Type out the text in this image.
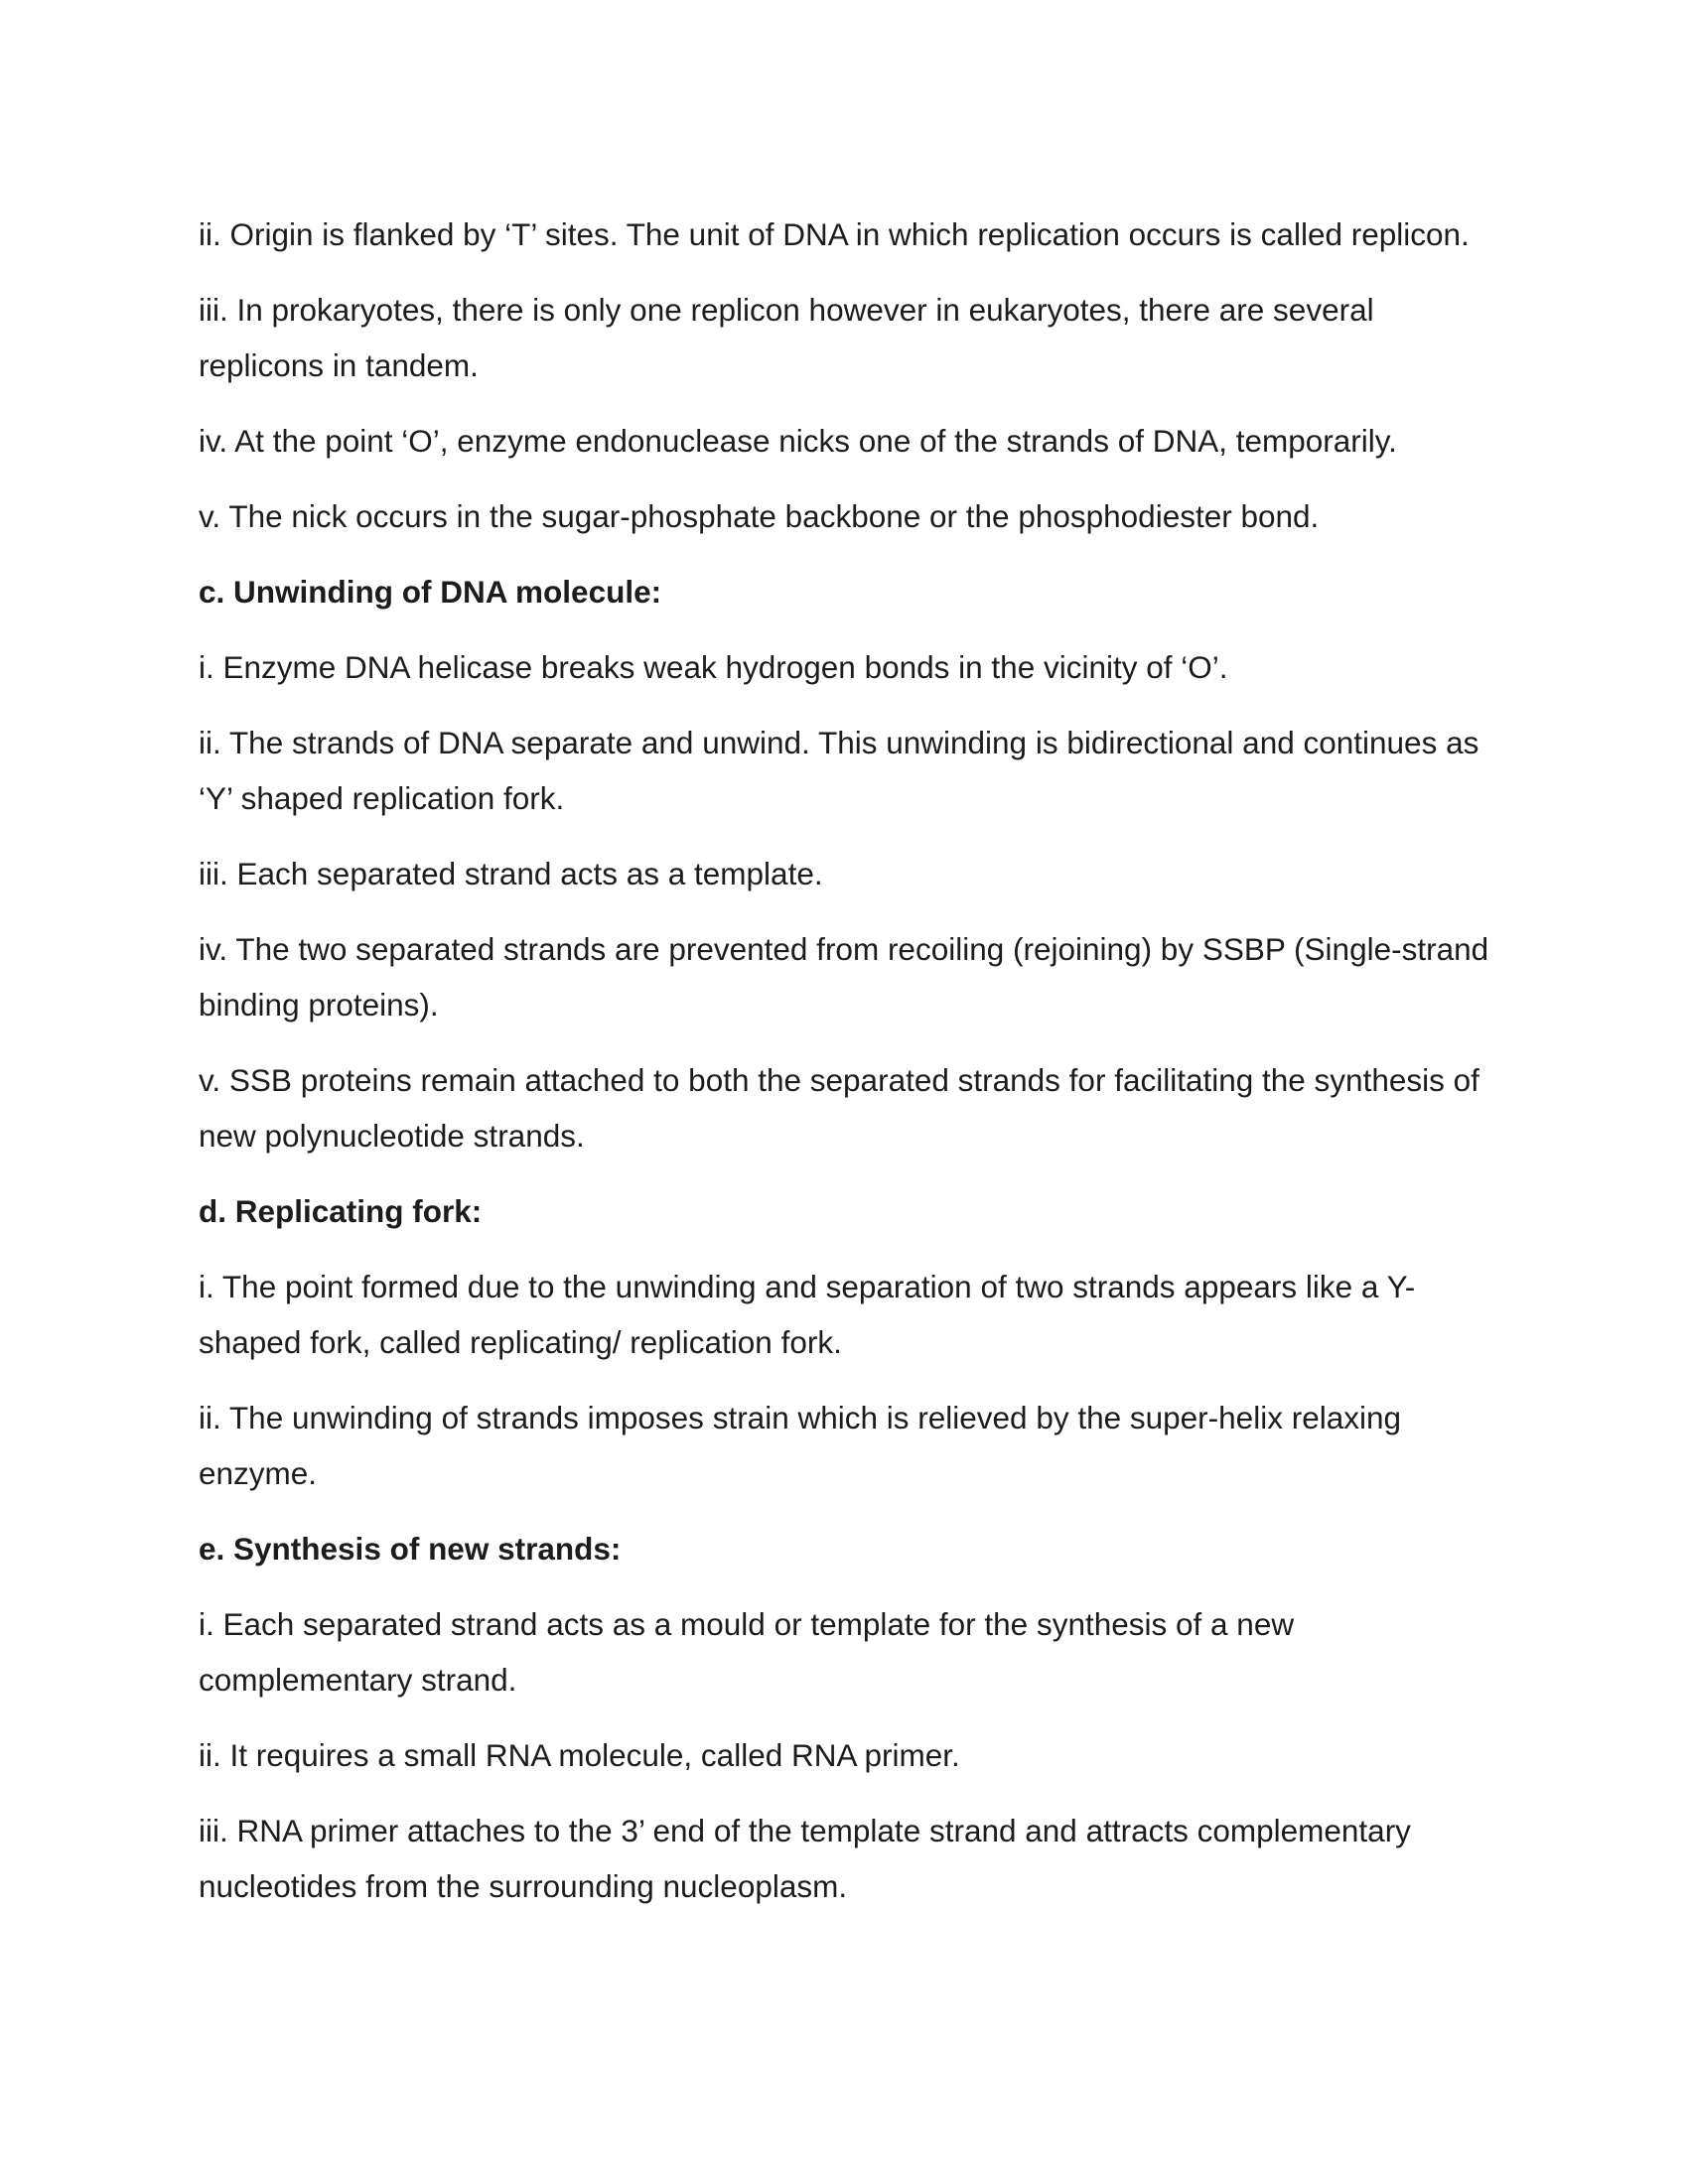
ii. Origin is flanked by ‘T’ sites. The unit of DNA in which replication occurs is called replicon.

iii. In prokaryotes, there is only one replicon however in eukaryotes, there are several replicons in tandem.

iv. At the point ‘O’, enzyme endonuclease nicks one of the strands of DNA, temporarily.

v. The nick occurs in the sugar-phosphate backbone or the phosphodiester bond.

c. Unwinding of DNA molecule:

i. Enzyme DNA helicase breaks weak hydrogen bonds in the vicinity of ‘O’.

ii. The strands of DNA separate and unwind. This unwinding is bidirectional and continues as ‘Y’ shaped replication fork.

iii. Each separated strand acts as a template.

iv. The two separated strands are prevented from recoiling (rejoining) by SSBP (Single-strand binding proteins).

v. SSB proteins remain attached to both the separated strands for facilitating the synthesis of new polynucleotide strands.

d. Replicating fork:

i. The point formed due to the unwinding and separation of two strands appears like a Y-shaped fork, called replicating/ replication fork.

ii. The unwinding of strands imposes strain which is relieved by the super-helix relaxing enzyme.

e. Synthesis of new strands:

i. Each separated strand acts as a mould or template for the synthesis of a new complementary strand.

ii. It requires a small RNA molecule, called RNA primer.

iii. RNA primer attaches to the 3’ end of the template strand and attracts complementary nucleotides from the surrounding nucleoplasm.
